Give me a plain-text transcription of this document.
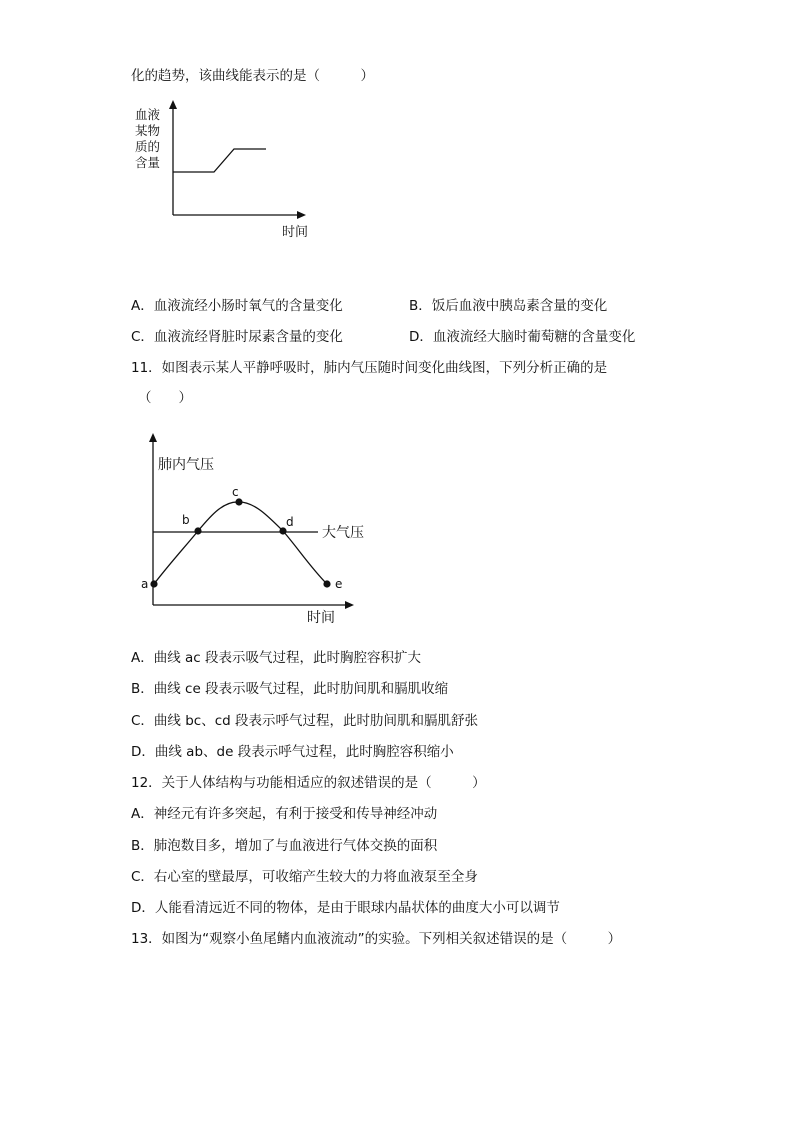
化的趋势，该曲线能表示的是（　　　）
血液
某物
质的
含量
时间
A．血液流经小肠时氧气的含量变化	B．饭后血液中胰岛素含量的变化
C．血液流经肾脏时尿素含量的变化	D．血液流经大脑时葡萄糖的含量变化
11．如图表示某人平静呼吸时，肺内气压随时间变化曲线图，下列分析正确的是
（　　）
a
b
c
d
e
肺内气压
大气压
时间
A．曲线 ac 段表示吸气过程，此时胸腔容积扩大
B．曲线 ce 段表示吸气过程，此时肋间肌和膈肌收缩
C．曲线 bc、cd 段表示呼气过程，此时肋间肌和膈肌舒张
D．曲线 ab、de 段表示呼气过程，此时胸腔容积缩小
12．关于人体结构与功能相适应的叙述错误的是（　　　）
A．神经元有许多突起，有利于接受和传导神经冲动
B．肺泡数目多，增加了与血液进行气体交换的面积
C．右心室的壁最厚，可收缩产生较大的力将血液泵至全身
D．人能看清远近不同的物体，是由于眼球内晶状体的曲度大小可以调节
13．如图为“观察小鱼尾鳍内血液流动”的实验。下列相关叙述错误的是（　　　）
